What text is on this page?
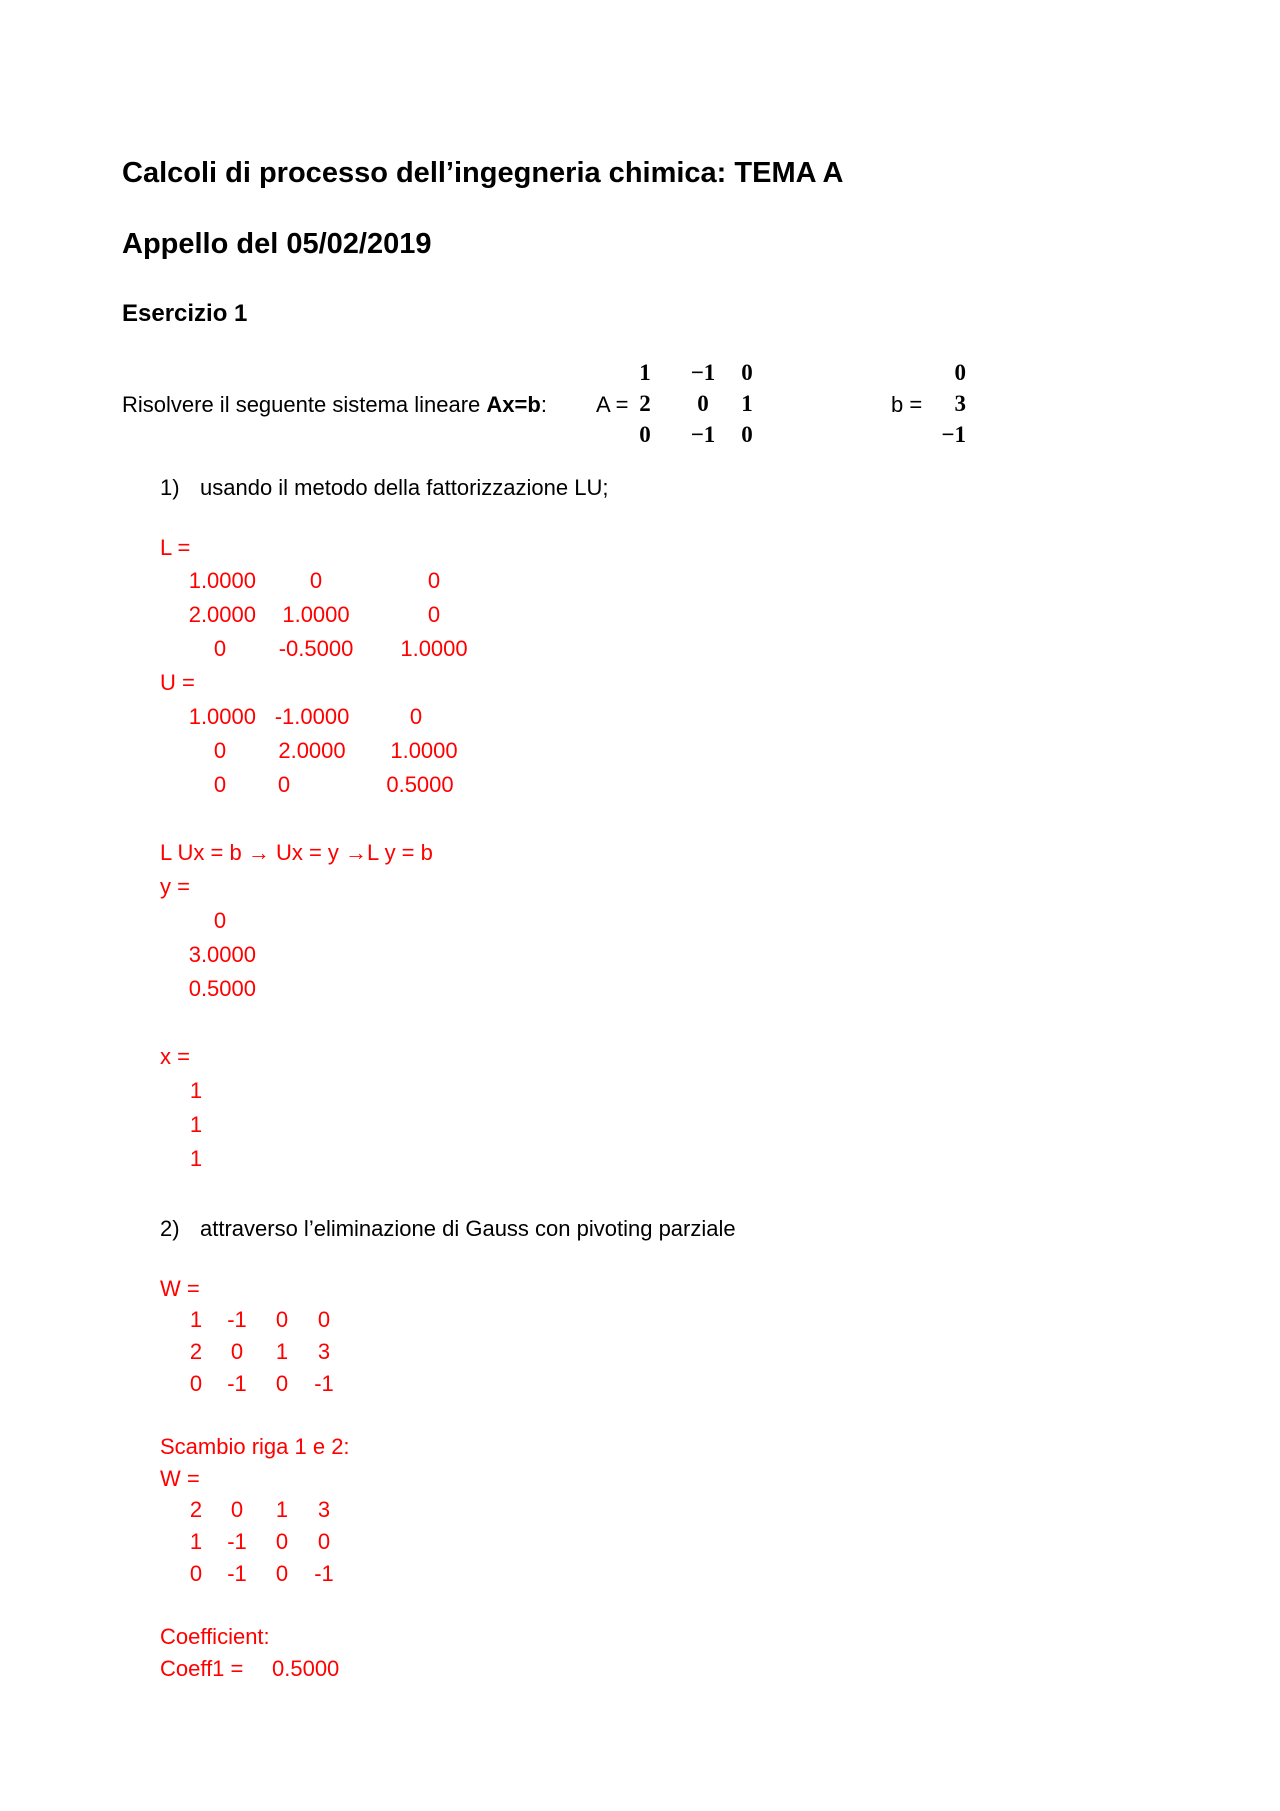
Calcoli di processo dell’ingegneria chimica: TEMA A
Appello del 05/02/2019
Esercizio 1
Risolvere il seguente sistema lineare Ax=b: A =
1	−1	0
2	0	1
0	−1	0
b =
0
3
−1
1) usando il metodo della fattorizzazione LU;
L =
1.0000	0	0
2.0000	1.0000	0
0	-0.5000	1.0000
U =
1.0000 -1.0000	0
0	2.0000	1.0000
0	0	0.5000
L Ux = b → Ux = y →L y = b
y =
0
3.0000
0.5000
x =
1
1
1
2) attraverso l’eliminazione di Gauss con pivoting parziale
W =
1	-1	0	0
2	0	1	3
0	-1	0	-1
Scambio riga 1 e 2:
W =
2	0	1	3
1	-1	0	0
0	-1	0	-1
Coefficient:
Coeff1 = 0.5000
